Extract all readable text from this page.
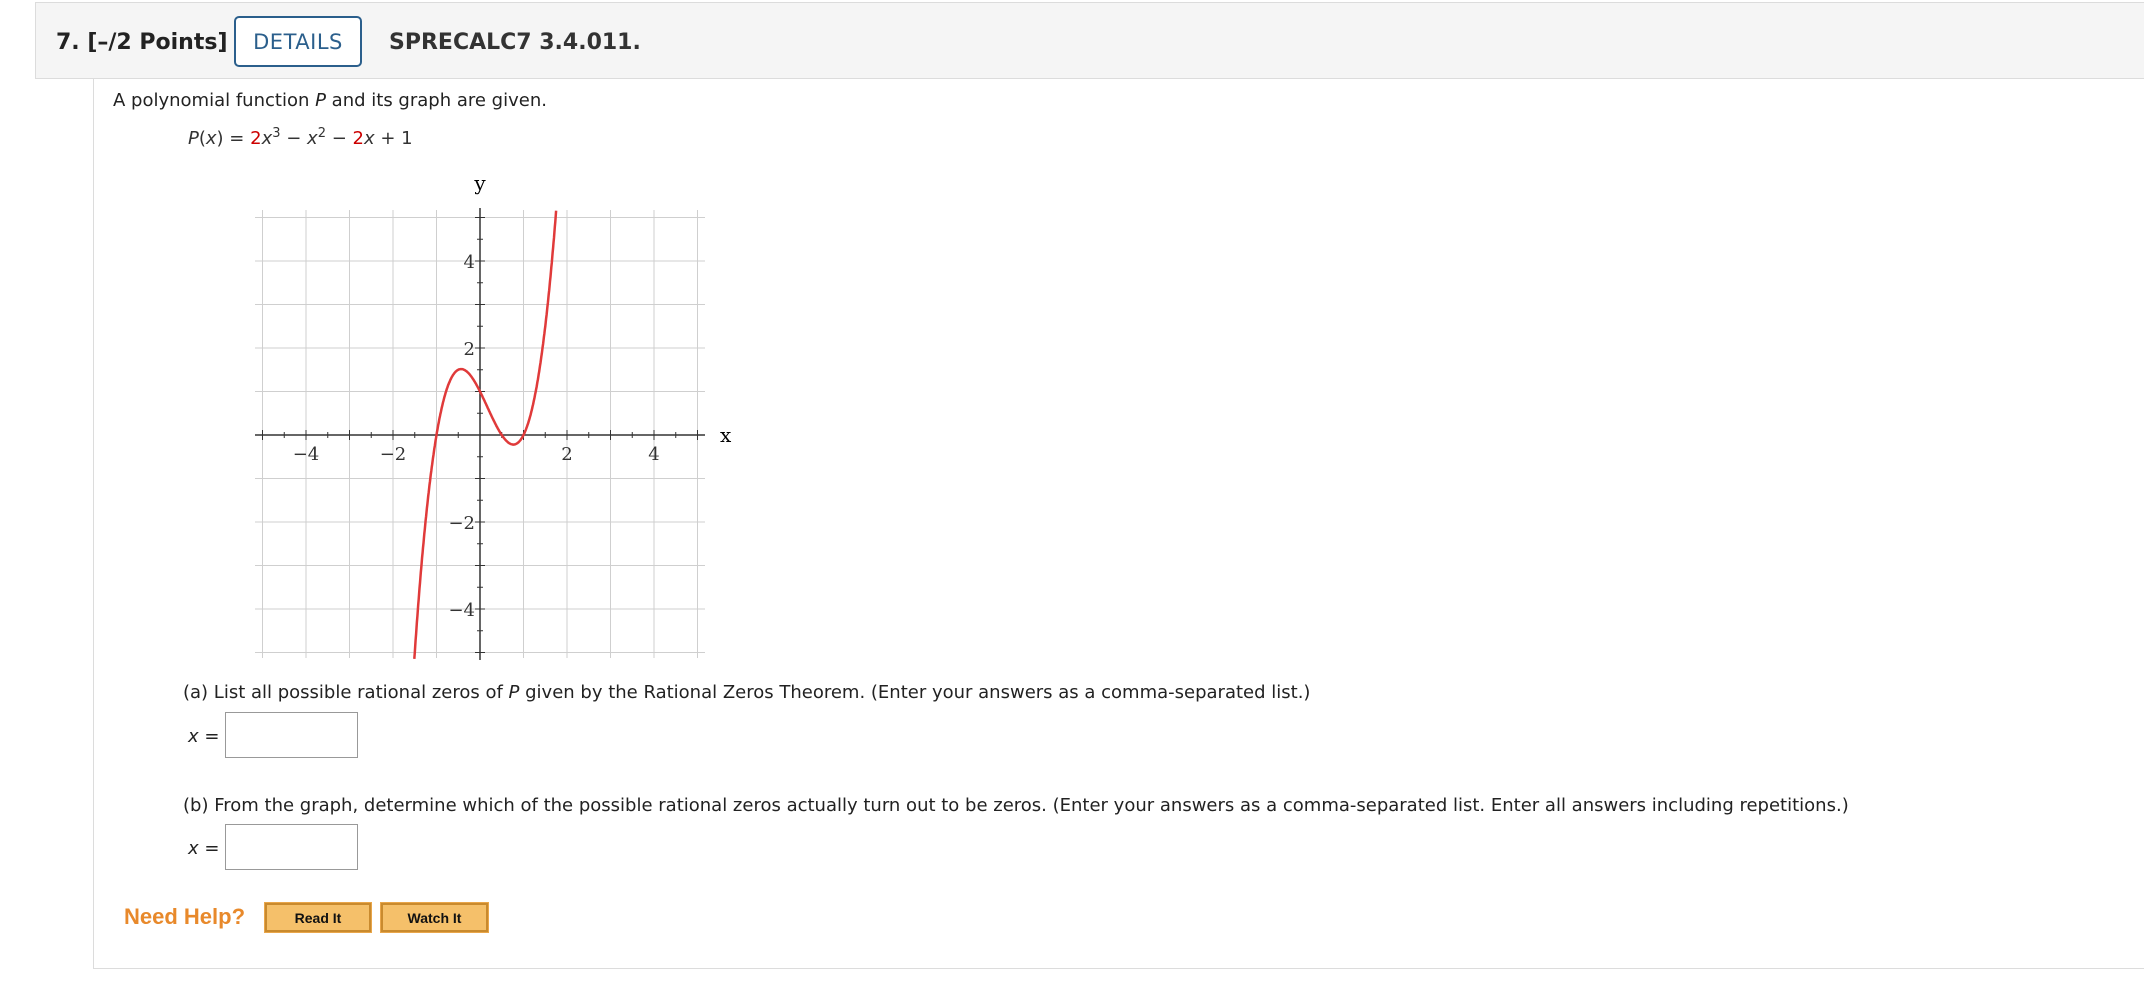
7. [–/2 Points]	DETAILS	SPRECALC7 3.4.011.
A polynomial function P and its graph are given.
$P(x) = 2x^3 - x^2 - 2x + 1$
−4	−2	2	4
4
2
−2
−4
x
y
(a) List all possible rational zeros of P given by the Rational Zeros Theorem. (Enter your answers as a comma-separated list.)
x =
(b) From the graph, determine which of the possible rational zeros actually turn out to be zeros. (Enter your answers as a comma-separated list. Enter all answers including repetitions.)
x =
Need Help?	Read It	Watch It
